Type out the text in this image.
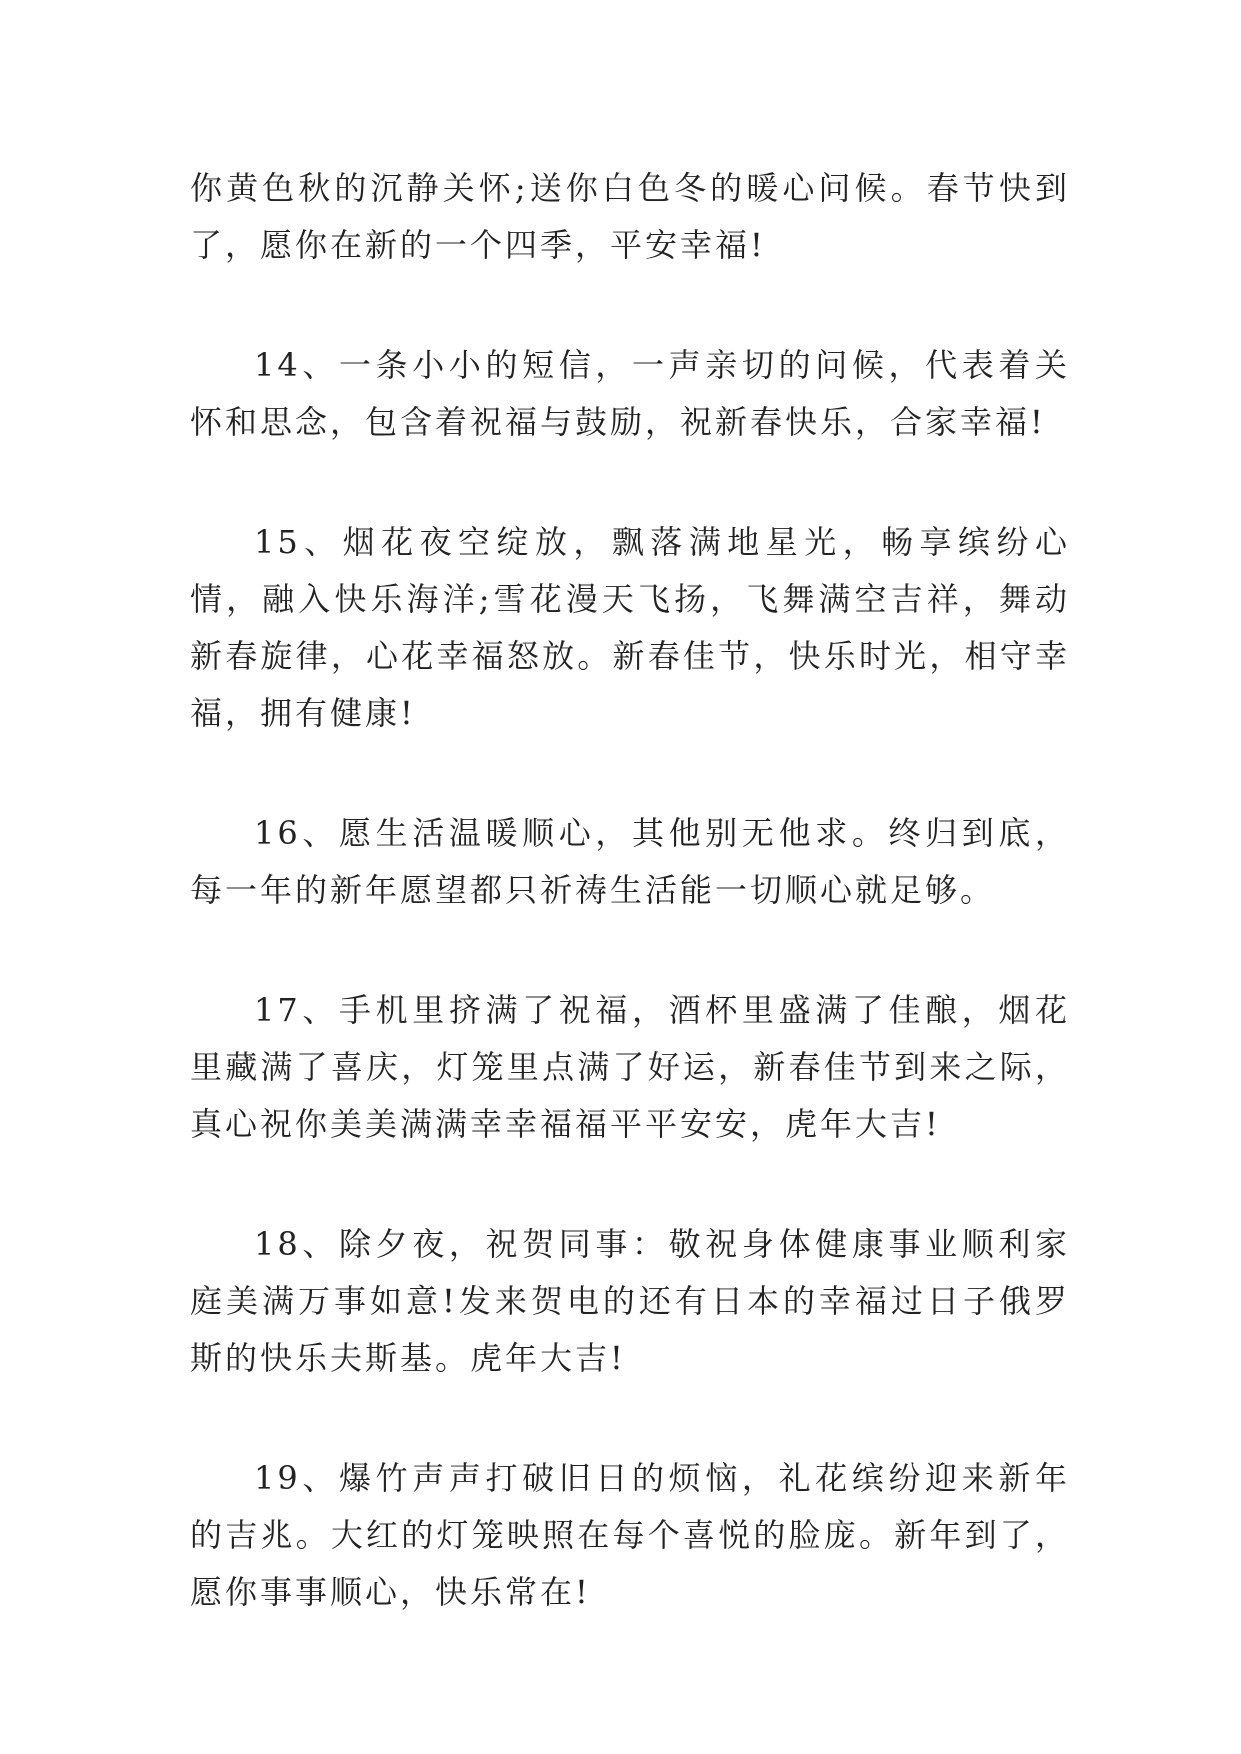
你黄色秋的沉静关怀;送你白色冬的暖心问候。春节快到了，愿你在新的一个四季，平安幸福!

14、一条小小的短信，一声亲切的问候，代表着关怀和思念，包含着祝福与鼓励，祝新春快乐，合家幸福!

15、烟花夜空绽放，飘落满地星光，畅享缤纷心情，融入快乐海洋;雪花漫天飞扬，飞舞满空吉祥，舞动新春旋律，心花幸福怒放。新春佳节，快乐时光，相守幸福，拥有健康!

16、愿生活温暖顺心，其他别无他求。终归到底，每一年的新年愿望都只祈祷生活能一切顺心就足够。

17、手机里挤满了祝福，酒杯里盛满了佳酿，烟花里藏满了喜庆，灯笼里点满了好运，新春佳节到来之际，真心祝你美美满满幸幸福福平平安安，虎年大吉!

18、除夕夜，祝贺同事：敬祝身体健康事业顺利家庭美满万事如意!发来贺电的还有日本的幸福过日子俄罗斯的快乐夫斯基。虎年大吉!

19、爆竹声声打破旧日的烦恼，礼花缤纷迎来新年的吉兆。大红的灯笼映照在每个喜悦的脸庞。新年到了，愿你事事顺心，快乐常在!
